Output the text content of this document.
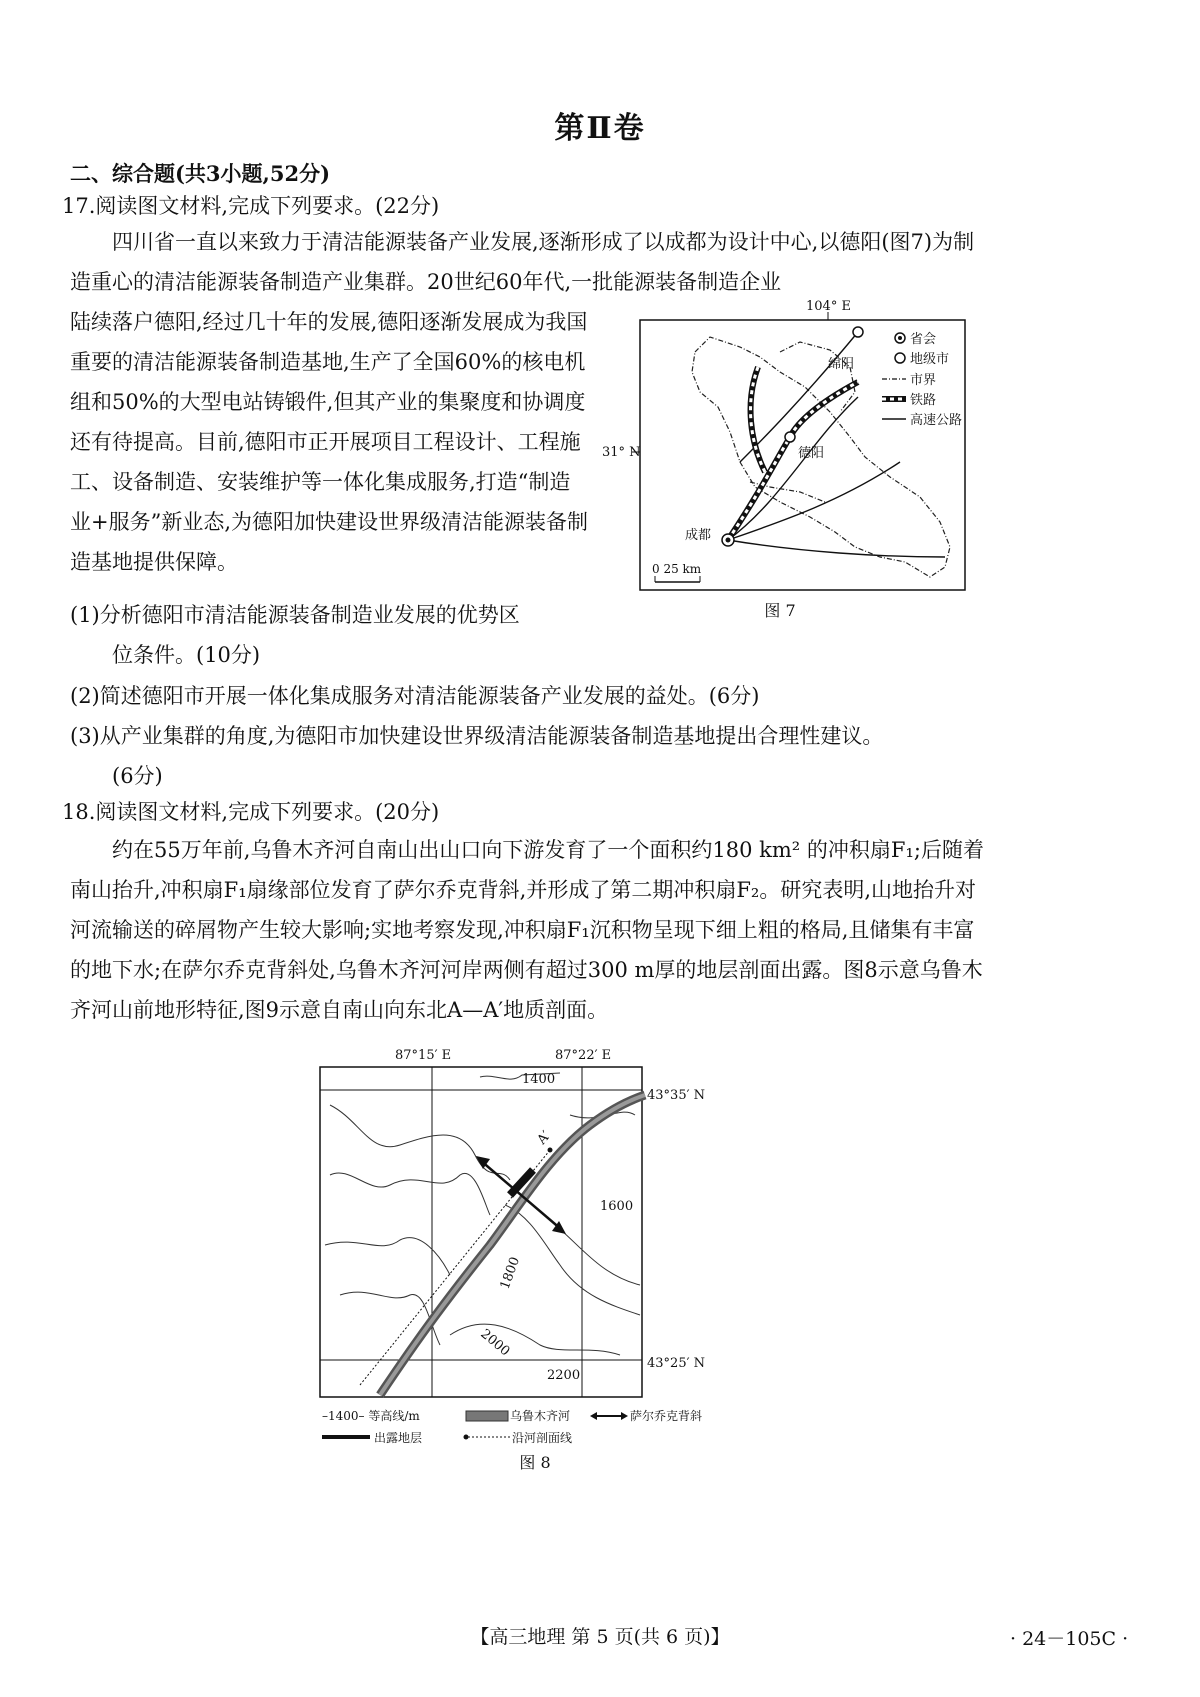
第Ⅱ卷
二、综合题(共3小题,52分)
17.阅读图文材料,完成下列要求。(22分)

四川省一直以来致力于清洁能源装备产业发展,逐渐形成了以成都为设计中心,以德阳(图7)为制造重心的清洁能源装备制造产业集群。20世纪60年代,一批能源装备制造企业

陆续落户德阳,经过几十年的发展,德阳逐渐发展成为我国重要的清洁能源装备制造基地,生产了全国60%的核电机组和50%的大型电站铸锻件,但其产业的集聚度和协调度还有待提高。目前,德阳市正开展项目工程设计、工程施工、设备制造、安装维护等一体化集成服务,打造“制造业+服务”新业态,为德阳加快建设世界级清洁能源装备制造基地提供保障。

(1)分析德阳市清洁能源装备制造业发展的优势区
位条件。(10分)
(2)简述德阳市开展一体化集成服务对清洁能源装备产业发展的益处。(6分)
(3)从产业集群的角度,为德阳市加快建设世界级清洁能源装备制造基地提出合理性建议。
(6分)
104° E
31° N
绵阳
德阳
成都
0 25 km
省会
地级市
市界
铁路
高速公路
图 7
18.阅读图文材料,完成下列要求。(20分)

约在55万年前,乌鲁木齐河自南山出山口向下游发育了一个面积约180 km² 的冲积扇F₁;后随着南山抬升,冲积扇F₁扇缘部位发育了萨尔乔克背斜,并形成了第二期冲积扇F₂。研究表明,山地抬升对河流输送的碎屑物产生较大影响;实地考察发现,冲积扇F₁沉积物呈现下细上粗的格局,且储集有丰富的地下水;在萨尔乔克背斜处,乌鲁木齐河河岸两侧有超过300 m厚的地层剖面出露。图8示意乌鲁木齐河山前地形特征,图9示意自南山向东北A—A′地质剖面。

87°15′ E	87°22′ E
43°35′ N
43°25′ N
1400
1600
1800
2000
2200
A′
–1400– 等高线/m	乌鲁木齐河	萨尔乔克背斜
出露地层	沿河剖面线
图 8
【高三地理 第 5 页(共 6 页)】	· 24－105C ·
